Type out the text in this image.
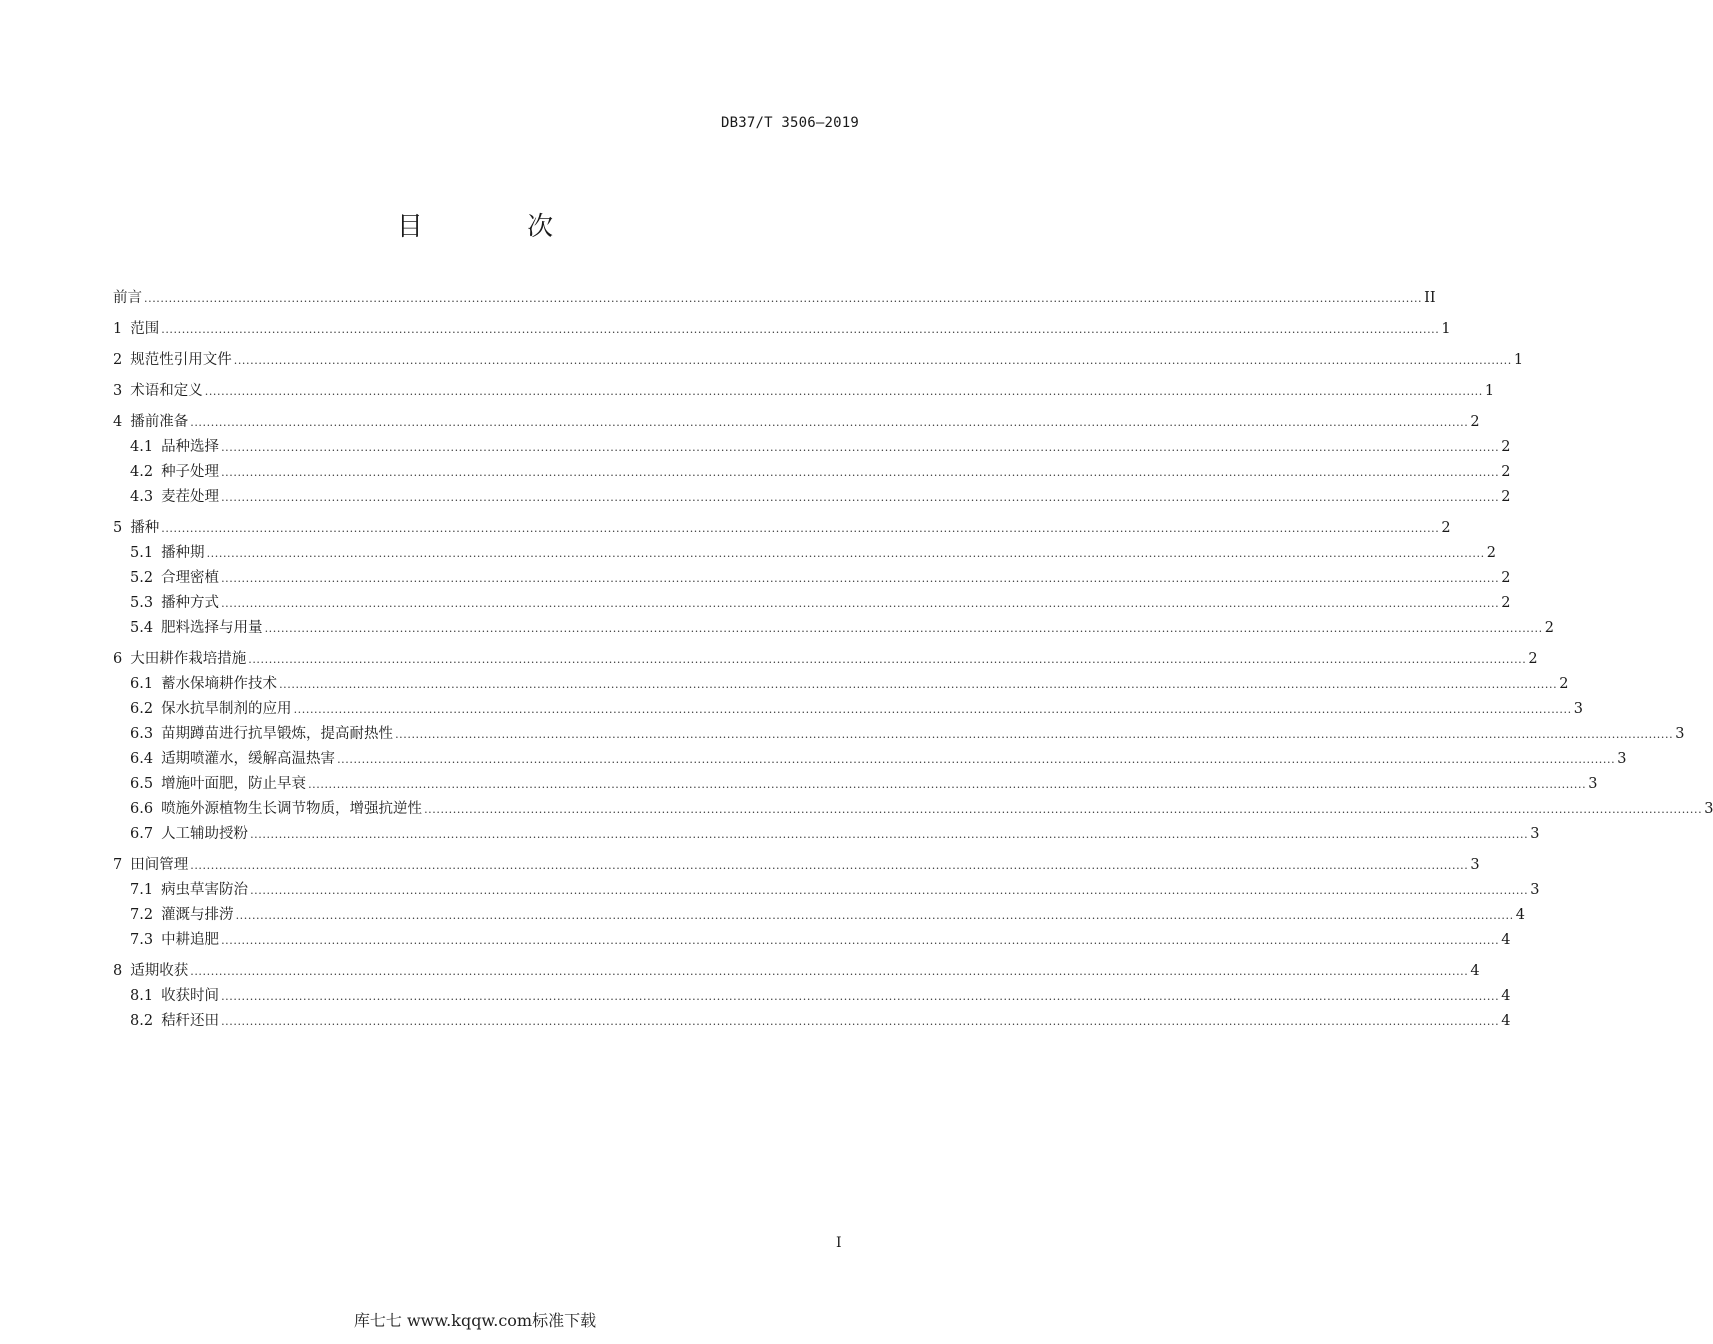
DB37/T 3506—2019
目 次
前言 ........................................................................................................................................................................................................................................................................................................................ II
1 范围 ........................................................................................................................................................................................................................................................................................................................ 1
2 规范性引用文件 ........................................................................................................................................................................................................................................................................................................................ 1
3 术语和定义 ........................................................................................................................................................................................................................................................................................................................ 1
4 播前准备 ........................................................................................................................................................................................................................................................................................................................ 2
4.1 品种选择 ........................................................................................................................................................................................................................................................................................................................ 2
4.2 种子处理 ........................................................................................................................................................................................................................................................................................................................ 2
4.3 麦茬处理 ........................................................................................................................................................................................................................................................................................................................ 2
5 播种 ........................................................................................................................................................................................................................................................................................................................ 2
5.1 播种期 ........................................................................................................................................................................................................................................................................................................................ 2
5.2 合理密植 ........................................................................................................................................................................................................................................................................................................................ 2
5.3 播种方式 ........................................................................................................................................................................................................................................................................................................................ 2
5.4 肥料选择与用量 ........................................................................................................................................................................................................................................................................................................................ 2
6 大田耕作栽培措施 ........................................................................................................................................................................................................................................................................................................................ 2
6.1 蓄水保墒耕作技术 ........................................................................................................................................................................................................................................................................................................................ 2
6.2 保水抗旱制剂的应用 ........................................................................................................................................................................................................................................................................................................................ 3
6.3 苗期蹲苗进行抗旱锻炼，提高耐热性 ........................................................................................................................................................................................................................................................................................................................ 3
6.4 适期喷灌水，缓解高温热害 ........................................................................................................................................................................................................................................................................................................................ 3
6.5 增施叶面肥，防止早衰 ........................................................................................................................................................................................................................................................................................................................ 3
6.6 喷施外源植物生长调节物质，增强抗逆性 ........................................................................................................................................................................................................................................................................................................................ 3
6.7 人工辅助授粉 ........................................................................................................................................................................................................................................................................................................................ 3
7 田间管理 ........................................................................................................................................................................................................................................................................................................................ 3
7.1 病虫草害防治 ........................................................................................................................................................................................................................................................................................................................ 3
7.2 灌溉与排涝 ........................................................................................................................................................................................................................................................................................................................ 4
7.3 中耕追肥 ........................................................................................................................................................................................................................................................................................................................ 4
8 适期收获 ........................................................................................................................................................................................................................................................................................................................ 4
8.1 收获时间 ........................................................................................................................................................................................................................................................................................................................ 4
8.2 秸秆还田 ........................................................................................................................................................................................................................................................................................................................ 4
I
库七七 www.kqqw.com标准下载
